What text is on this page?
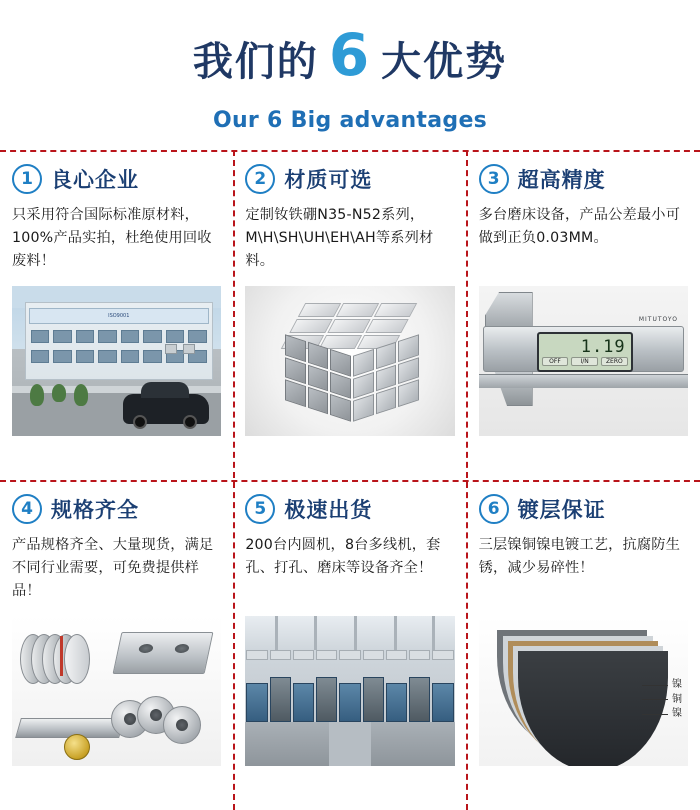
我们的 6 大优势
Our 6 Big advantages
1 良心企业
只采用符合国际标准原材料，100%产品实拍，杜绝使用回收废料！
ISO9001
2 材质可选
定制钕铁硼N35-N52系列，M\H\SH\UH\EH\AH等系列材料。
3 超高精度
多台磨床设备，产品公差最小可做到正负0.03MM。
MITUTOYO
1.19
OFF	I/N	ZERO
4 规格齐全
产品规格齐全、大量现货，满足不同行业需要，可免费提供样品！
5 极速出货
200台内圆机，8台多线机，套孔、打孔、磨床等设备齐全！
6 镀层保证
三层镍铜镍电镀工艺，抗腐防生锈，减少易碎性！
镍
铜
镍
